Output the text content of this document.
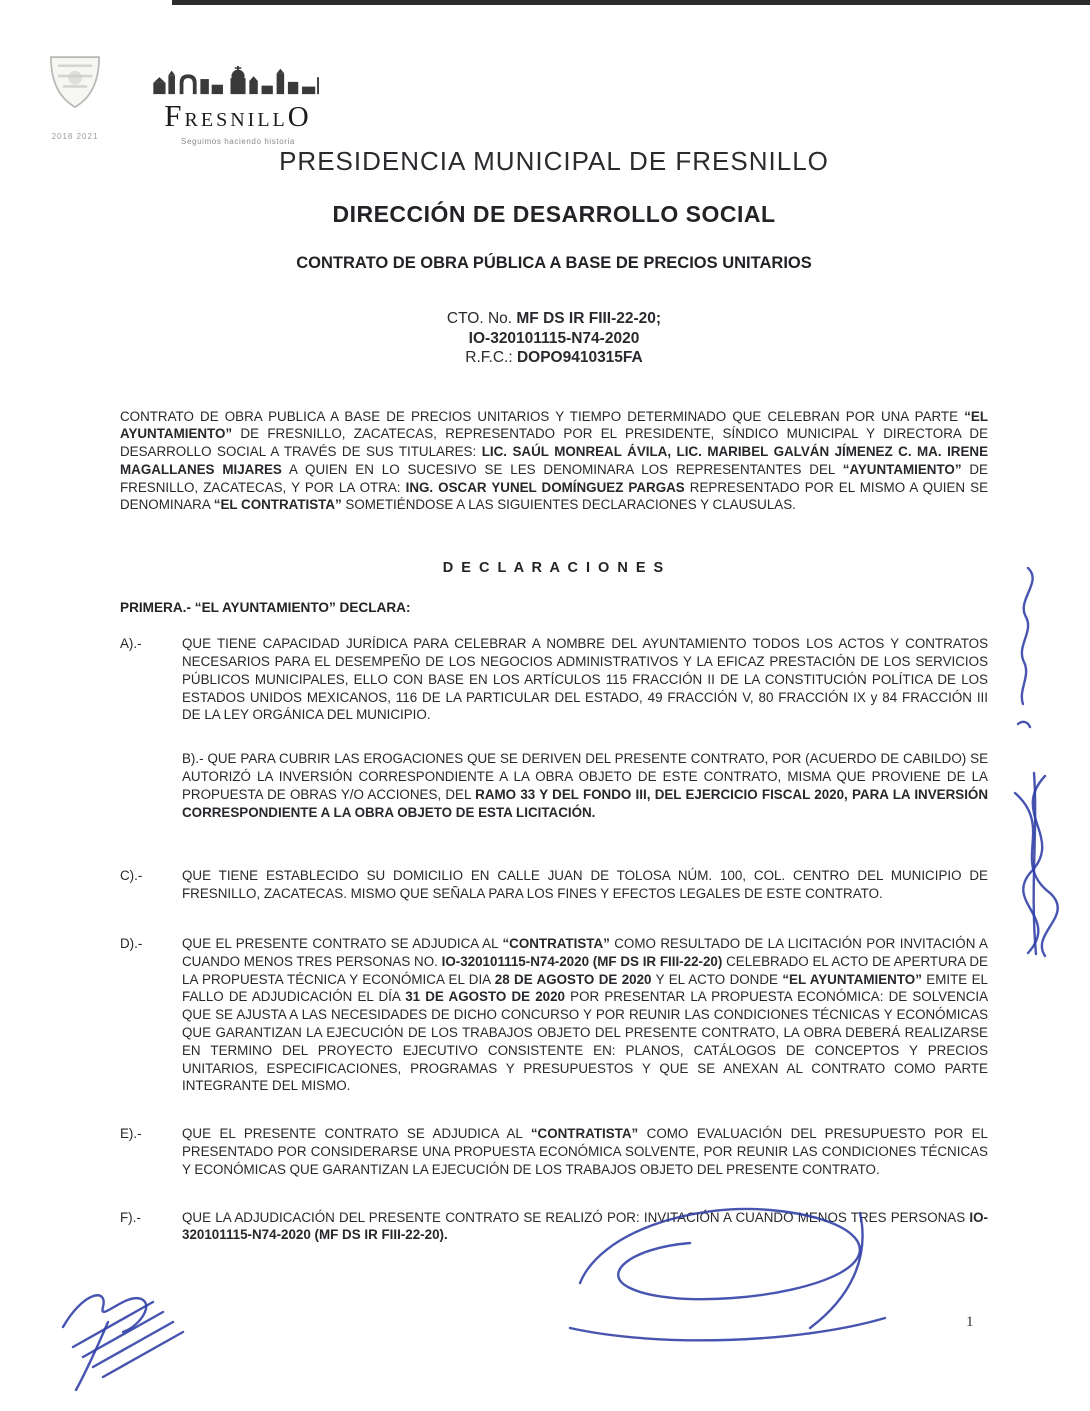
2018 2021
FRESNILLO
Seguimos haciendo historia
PRESIDENCIA MUNICIPAL DE FRESNILLO
DIRECCIÓN DE DESARROLLO SOCIAL
CONTRATO DE OBRA PÚBLICA A BASE DE PRECIOS UNITARIOS
CTO. No. MF DS IR FIII-22-20;
IO-320101115-N74-2020
R.F.C.: DOPO9410315FA

CONTRATO DE OBRA PUBLICA A BASE DE PRECIOS UNITARIOS Y TIEMPO DETERMINADO QUE CELEBRAN POR UNA PARTE “EL AYUNTAMIENTO” DE FRESNILLO, ZACATECAS, REPRESENTADO POR EL PRESIDENTE, SÍNDICO MUNICIPAL Y DIRECTORA DE DESARROLLO SOCIAL A TRAVÉS DE SUS TITULARES: LIC. SAÚL MONREAL ÁVILA, LIC. MARIBEL GALVÁN JÍMENEZ C. MA. IRENE MAGALLANES MIJARES A QUIEN EN LO SUCESIVO SE LES DENOMINARA LOS REPRESENTANTES DEL “AYUNTAMIENTO” DE FRESNILLO, ZACATECAS, Y POR LA OTRA: ING. OSCAR YUNEL DOMÍNGUEZ PARGAS REPRESENTADO POR EL MISMO A QUIEN SE DENOMINARA “EL CONTRATISTA” SOMETIÉNDOSE A LAS SIGUIENTES DECLARACIONES Y CLAUSULAS.

D E C L A R A C I O N E S
PRIMERA.- “EL AYUNTAMIENTO” DECLARA:
A).-	QUE TIENE CAPACIDAD JURÍDICA PARA CELEBRAR A NOMBRE DEL AYUNTAMIENTO TODOS LOS ACTOS Y CONTRATOS NECESARIOS PARA EL DESEMPEÑO DE LOS NEGOCIOS ADMINISTRATIVOS Y LA EFICAZ PRESTACIÓN DE LOS SERVICIOS PÚBLICOS MUNICIPALES, ELLO CON BASE EN LOS ARTÍCULOS 115 FRACCIÓN II DE LA CONSTITUCIÓN POLÍTICA DE LOS ESTADOS UNIDOS MEXICANOS, 116 DE LA PARTICULAR DEL ESTADO, 49 FRACCIÓN V, 80 FRACCIÓN IX y 84 FRACCIÓN III DE LA LEY ORGÁNICA DEL MUNICIPIO.
B).- QUE PARA CUBRIR LAS EROGACIONES QUE SE DERIVEN DEL PRESENTE CONTRATO, POR (ACUERDO DE CABILDO) SE AUTORIZÓ LA INVERSIÓN CORRESPONDIENTE A LA OBRA OBJETO DE ESTE CONTRATO, MISMA QUE PROVIENE DE LA PROPUESTA DE OBRAS Y/O ACCIONES, DEL RAMO 33 Y DEL FONDO III, DEL EJERCICIO FISCAL 2020, PARA LA INVERSIÓN CORRESPONDIENTE A LA OBRA OBJETO DE ESTA LICITACIÓN.
C).-	QUE TIENE ESTABLECIDO SU DOMICILIO EN CALLE JUAN DE TOLOSA NÚM. 100, COL. CENTRO DEL MUNICIPIO DE FRESNILLO, ZACATECAS. MISMO QUE SEÑALA PARA LOS FINES Y EFECTOS LEGALES DE ESTE CONTRATO.
D).-	QUE EL PRESENTE CONTRATO SE ADJUDICA AL “CONTRATISTA” COMO RESULTADO DE LA LICITACIÓN POR INVITACIÓN A CUANDO MENOS TRES PERSONAS NO. IO-320101115-N74-2020 (MF DS IR FIII-22-20) CELEBRADO EL ACTO DE APERTURA DE LA PROPUESTA TÉCNICA Y ECONÓMICA EL DIA 28 DE AGOSTO DE 2020 Y EL ACTO DONDE “EL AYUNTAMIENTO” EMITE EL FALLO DE ADJUDICACIÓN EL DÍA 31 DE AGOSTO DE 2020 POR PRESENTAR LA PROPUESTA ECONÓMICA: DE SOLVENCIA QUE SE AJUSTA A LAS NECESIDADES DE DICHO CONCURSO Y POR REUNIR LAS CONDICIONES TÉCNICAS Y ECONÓMICAS QUE GARANTIZAN LA EJECUCIÓN DE LOS TRABAJOS OBJETO DEL PRESENTE CONTRATO, LA OBRA DEBERÁ REALIZARSE EN TERMINO DEL PROYECTO EJECUTIVO CONSISTENTE EN: PLANOS, CATÁLOGOS DE CONCEPTOS Y PRECIOS UNITARIOS, ESPECIFICACIONES, PROGRAMAS Y PRESUPUESTOS Y QUE SE ANEXAN AL CONTRATO COMO PARTE INTEGRANTE DEL MISMO.
E).-	QUE EL PRESENTE CONTRATO SE ADJUDICA AL “CONTRATISTA” COMO EVALUACIÓN DEL PRESUPUESTO POR EL PRESENTADO POR CONSIDERARSE UNA PROPUESTA ECONÓMICA SOLVENTE, POR REUNIR LAS CONDICIONES TÉCNICAS Y ECONÓMICAS QUE GARANTIZAN LA EJECUCIÓN DE LOS TRABAJOS OBJETO DEL PRESENTE CONTRATO.
F).-	QUE LA ADJUDICACIÓN DEL PRESENTE CONTRATO SE REALIZÓ POR: INVITACIÓN A CUANDO MENOS TRES PERSONAS IO-320101115-N74-2020 (MF DS IR FIII-22-20).
1
